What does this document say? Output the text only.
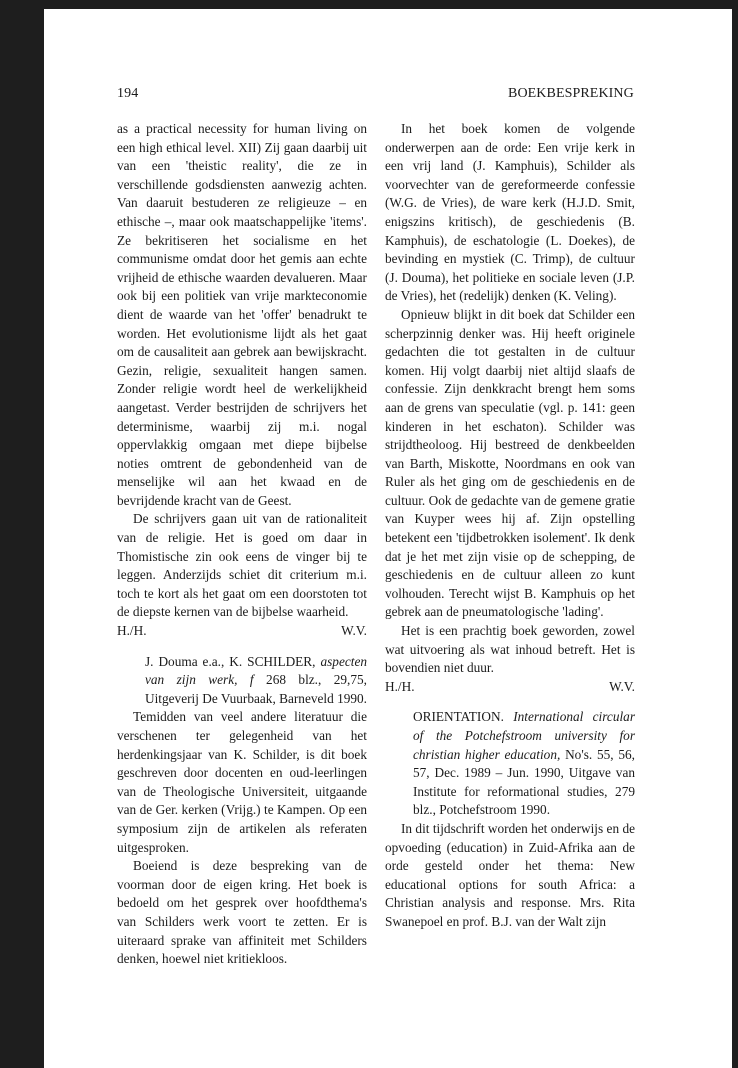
194	BOEKBESPREKING

as a practical necessity for human living on een high ethical level. XII) Zij gaan daarbij uit van een 'theistic reality', die ze in verschillende godsdiensten aanwezig achten. Van daaruit bestuderen ze religieuze – en ethische –, maar ook maatschappelijke 'items'. Ze bekritiseren het socialisme en het communisme omdat door het gemis aan echte vrijheid de ethische waarden devalueren. Maar ook bij een politiek van vrije markteconomie dient de waarde van het 'offer' benadrukt te worden. Het evolutionisme lijdt als het gaat om de causaliteit aan gebrek aan bewijskracht. Gezin, religie, sexualiteit hangen samen. Zonder religie wordt heel de werkelijkheid aangetast. Verder bestrijden de schrijvers het determinisme, waarbij zij m.i. nogal oppervlakkig omgaan met diepe bijbelse noties omtrent de gebondenheid van de menselijke wil aan het kwaad en de bevrijdende kracht van de Geest.

De schrijvers gaan uit van de rationaliteit van de religie. Het is goed om daar in Thomistische zin ook eens de vinger bij te leggen. Anderzijds schiet dit criterium m.i. toch te kort als het gaat om een doorstoten tot de diepste kernen van de bijbelse waarheid.

H./H.	W.V.
J. Douma e.a., K. SCHILDER, aspecten van zijn werk, f 268 blz., 29,75, Uitgeverij De Vuurbaak, Barneveld 1990.

Temidden van veel andere literatuur die verschenen ter gelegenheid van het herdenkingsjaar van K. Schilder, is dit boek geschreven door docenten en oud-leerlingen van de Theologische Universiteit, uitgaande van de Ger. kerken (Vrijg.) te Kampen. Op een symposium zijn de artikelen als referaten uitgesproken.

Boeiend is deze bespreking van de voorman door de eigen kring. Het boek is bedoeld om het gesprek over hoofdthema's van Schilders werk voort te zetten. Er is uiteraard sprake van affiniteit met Schilders denken, hoewel niet kritiekloos.

In het boek komen de volgende onderwerpen aan de orde: Een vrije kerk in een vrij land (J. Kamphuis), Schilder als voorvechter van de gereformeerde confessie (W.G. de Vries), de ware kerk (H.J.D. Smit, enigszins kritisch), de geschiedenis (B. Kamphuis), de eschatologie (L. Doekes), de bevinding en mystiek (C. Trimp), de cultuur (J. Douma), het politieke en sociale leven (J.P. de Vries), het (redelijk) denken (K. Veling).

Opnieuw blijkt in dit boek dat Schilder een scherpzinnig denker was. Hij heeft originele gedachten die tot gestalten in de cultuur komen. Hij volgt daarbij niet altijd slaafs de confessie. Zijn denkkracht brengt hem soms aan de grens van speculatie (vgl. p. 141: geen kinderen in het eschaton). Schilder was strijdtheoloog. Hij bestreed de denkbeelden van Barth, Miskotte, Noordmans en ook van Ruler als het ging om de geschiedenis en de cultuur. Ook de gedachte van de gemene gratie van Kuyper wees hij af. Zijn opstelling betekent een 'tijdbetrokken isolement'. Ik denk dat je het met zijn visie op de schepping, de geschiedenis en de cultuur alleen zo kunt volhouden. Terecht wijst B. Kamphuis op het gebrek aan de pneumatologische 'lading'.

Het is een prachtig boek geworden, zowel wat uitvoering als wat inhoud betreft. Het is bovendien niet duur.

H./H.	W.V.
ORIENTATION. International circular of the Potchefstroom university for christian higher education, No's. 55, 56, 57, Dec. 1989 – Jun. 1990, Uitgave van Institute for reformational studies, 279 blz., Potchefstroom 1990.

In dit tijdschrift worden het onderwijs en de opvoeding (education) in Zuid-Afrika aan de orde gesteld onder het thema: New educational options for south Africa: a Christian analysis and response. Mrs. Rita Swanepoel en prof. B.J. van der Walt zijn
